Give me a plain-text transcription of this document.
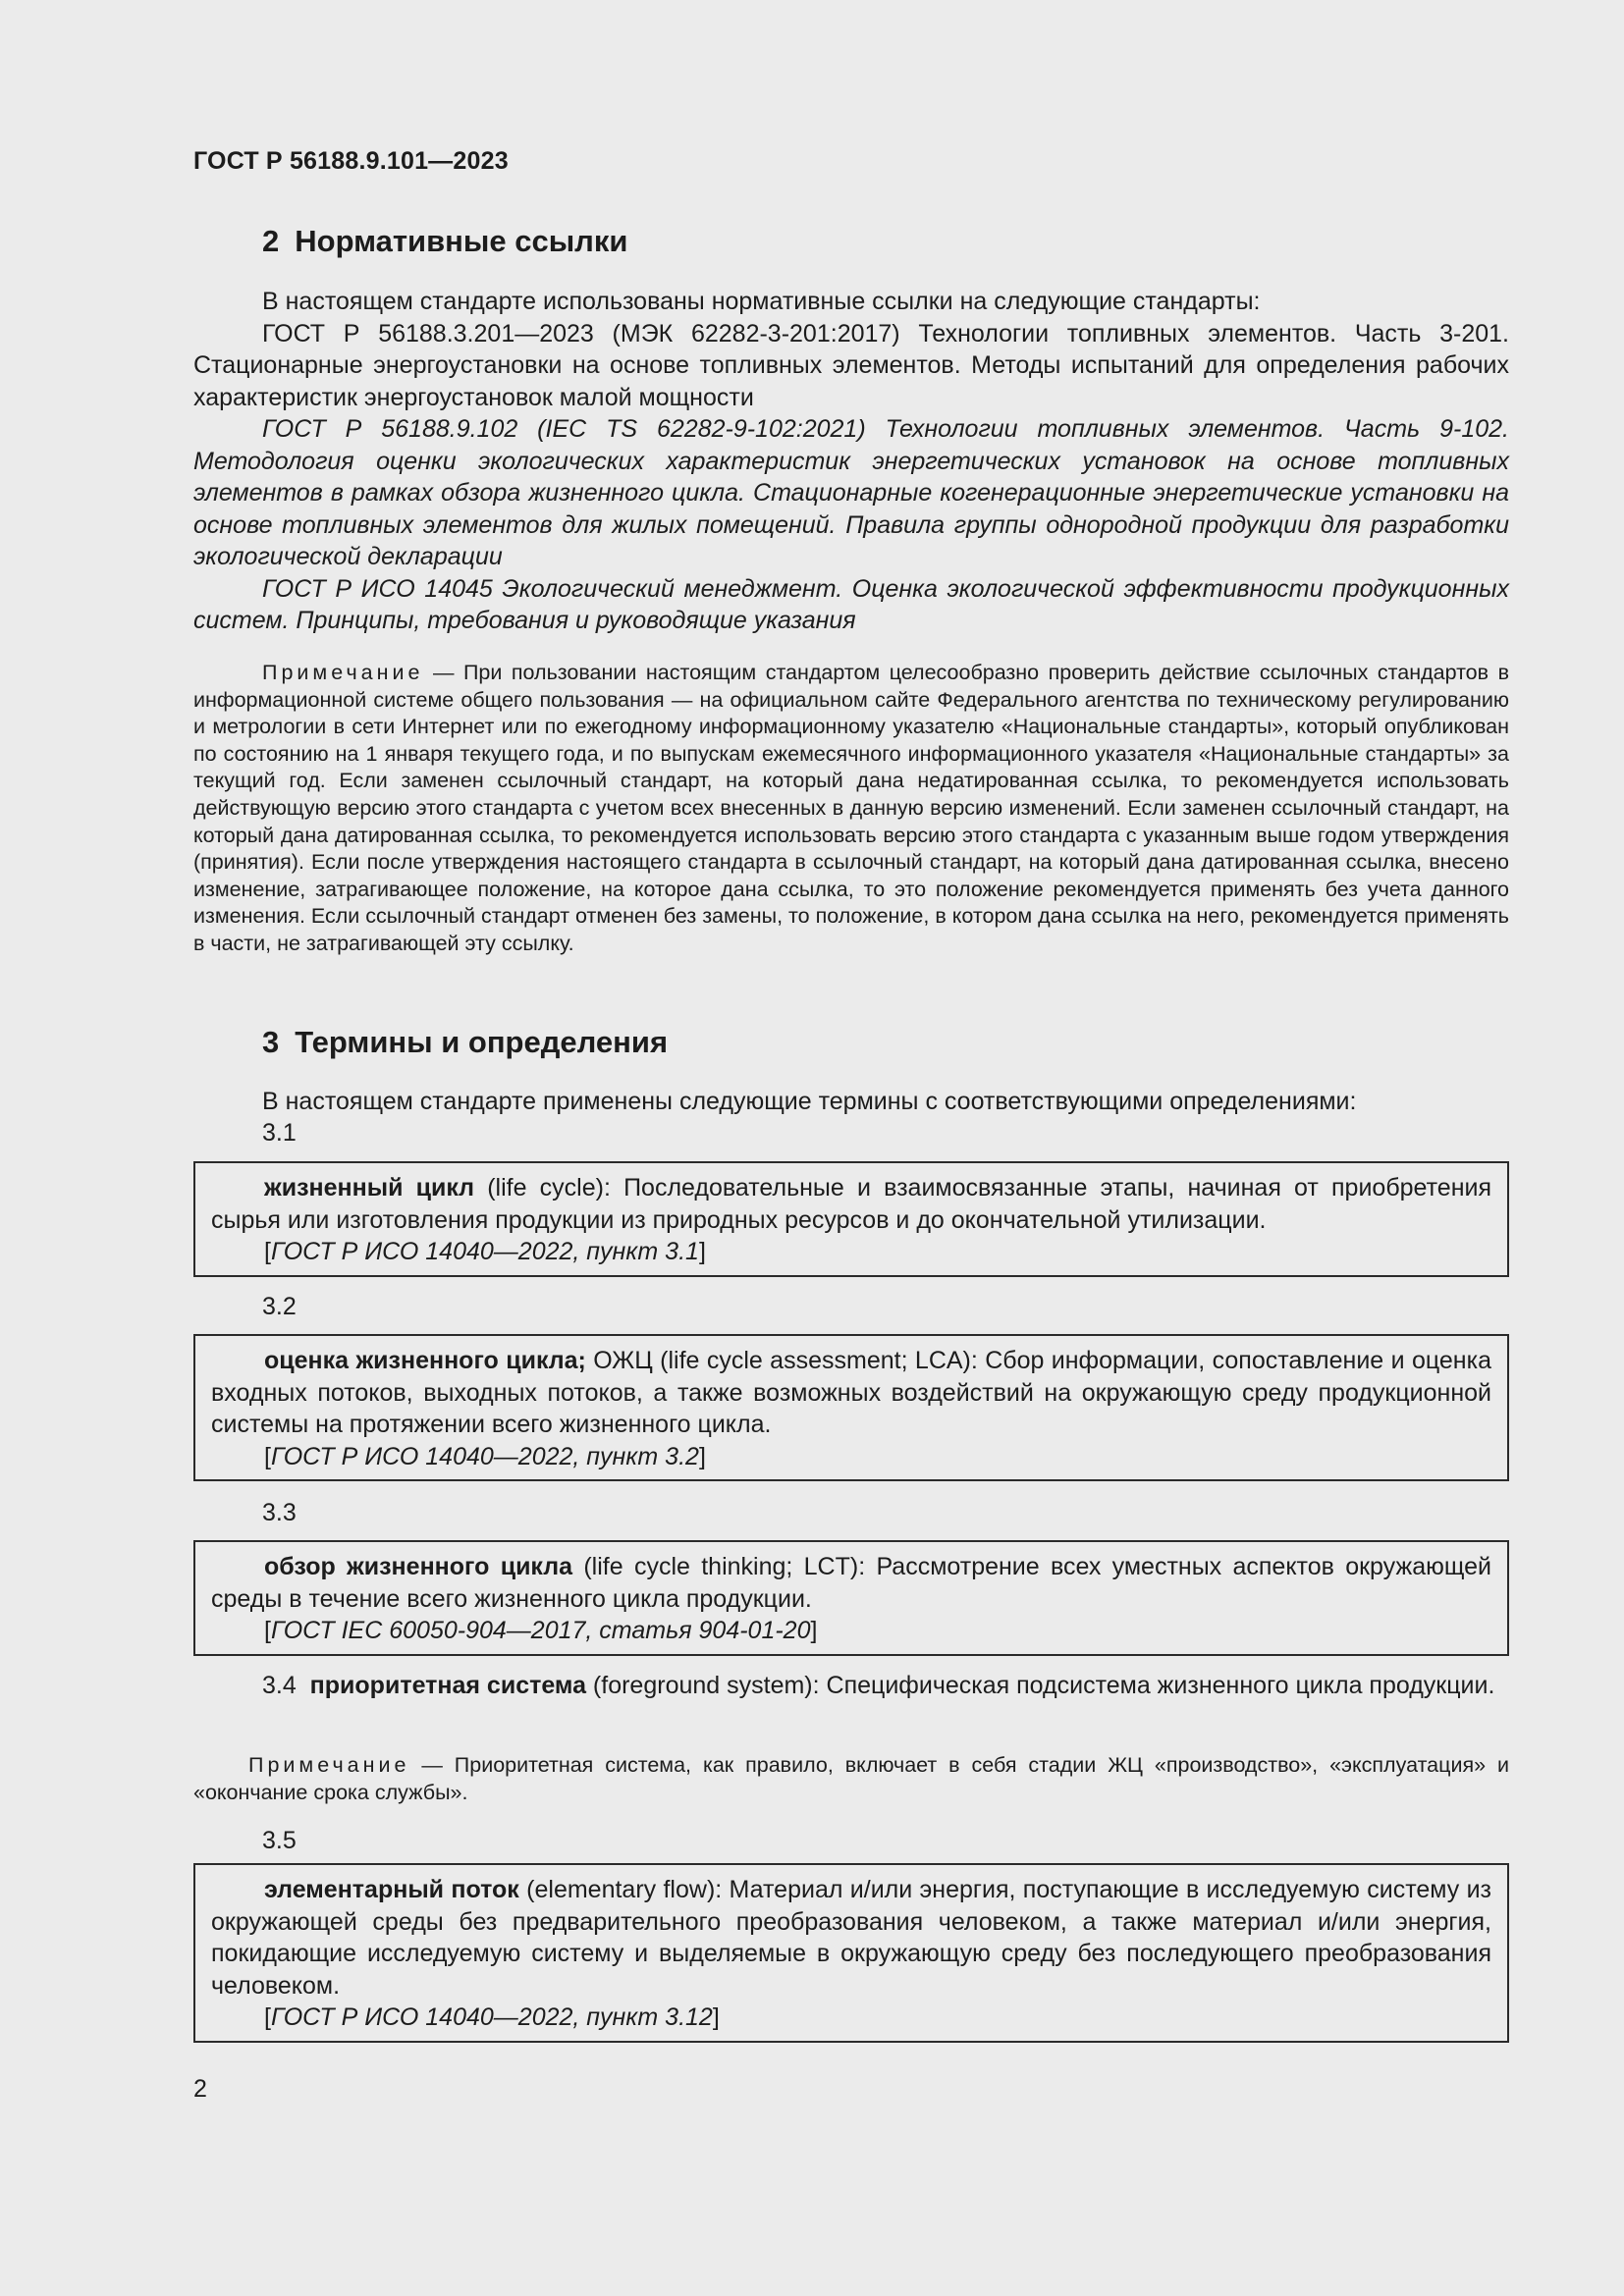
ГОСТ Р 56188.9.101—2023
2 Нормативные ссылки

В настоящем стандарте использованы нормативные ссылки на следующие стандарты:

ГОСТ Р 56188.3.201—2023 (МЭК 62282-3-201:2017) Технологии топливных элементов. Часть 3-201. Стационарные энергоустановки на основе топливных элементов. Методы испытаний для определения рабочих характеристик энергоустановок малой мощности

ГОСТ Р 56188.9.102 (IEC TS 62282-9-102:2021) Технологии топливных элементов. Часть 9-102. Методология оценки экологических характеристик энергетических установок на основе топливных элементов в рамках обзора жизненного цикла. Стационарные когенерационные энергетические установки на основе топливных элементов для жилых помещений. Правила группы однородной продукции для разработки экологической декларации

ГОСТ Р ИСО 14045 Экологический менеджмент. Оценка экологической эффективности продукционных систем. Принципы, требования и руководящие указания

Примечание — При пользовании настоящим стандартом целесообразно проверить действие ссылочных стандартов в информационной системе общего пользования — на официальном сайте Федерального агентства по техническому регулированию и метрологии в сети Интернет или по ежегодному информационному указателю «Национальные стандарты», который опубликован по состоянию на 1 января текущего года, и по выпускам ежемесячного информационного указателя «Национальные стандарты» за текущий год. Если заменен ссылочный стандарт, на который дана недатированная ссылка, то рекомендуется использовать действующую версию этого стандарта с учетом всех внесенных в данную версию изменений. Если заменен ссылочный стандарт, на который дана датированная ссылка, то рекомендуется использовать версию этого стандарта с указанным выше годом утверждения (принятия). Если после утверждения настоящего стандарта в ссылочный стандарт, на который дана датированная ссылка, внесено изменение, затрагивающее положение, на которое дана ссылка, то это положение рекомендуется применять без учета данного изменения. Если ссылочный стандарт отменен без замены, то положение, в котором дана ссылка на него, рекомендуется применять в части, не затрагивающей эту ссылку.

3 Термины и определения

В настоящем стандарте применены следующие термины с соответствующими определениями:

3.1

жизненный цикл (life cycle): Последовательные и взаимосвязанные этапы, начиная от приобретения сырья или изготовления продукции из природных ресурсов и до окончательной утилизации.

[ГОСТ Р ИСО 14040—2022, пункт 3.1]

3.2

оценка жизненного цикла; ОЖЦ (life cycle assessment; LCA): Сбор информации, сопоставление и оценка входных потоков, выходных потоков, а также возможных воздействий на окружающую среду продукционной системы на протяжении всего жизненного цикла.

[ГОСТ Р ИСО 14040—2022, пункт 3.2]

3.3

обзор жизненного цикла (life cycle thinking; LCT): Рассмотрение всех уместных аспектов окружающей среды в течение всего жизненного цикла продукции.

[ГОСТ IEC 60050-904—2017, статья 904-01-20]

3.4 приоритетная система (foreground system): Специфическая подсистема жизненного цикла продукции.

Примечание — Приоритетная система, как правило, включает в себя стадии ЖЦ «производство», «эксплуатация» и «окончание срока службы».

3.5

элементарный поток (elementary flow): Материал и/или энергия, поступающие в исследуемую систему из окружающей среды без предварительного преобразования человеком, а также материал и/или энергия, покидающие исследуемую систему и выделяемые в окружающую среду без последующего преобразования человеком.

[ГОСТ Р ИСО 14040—2022, пункт 3.12]

2
